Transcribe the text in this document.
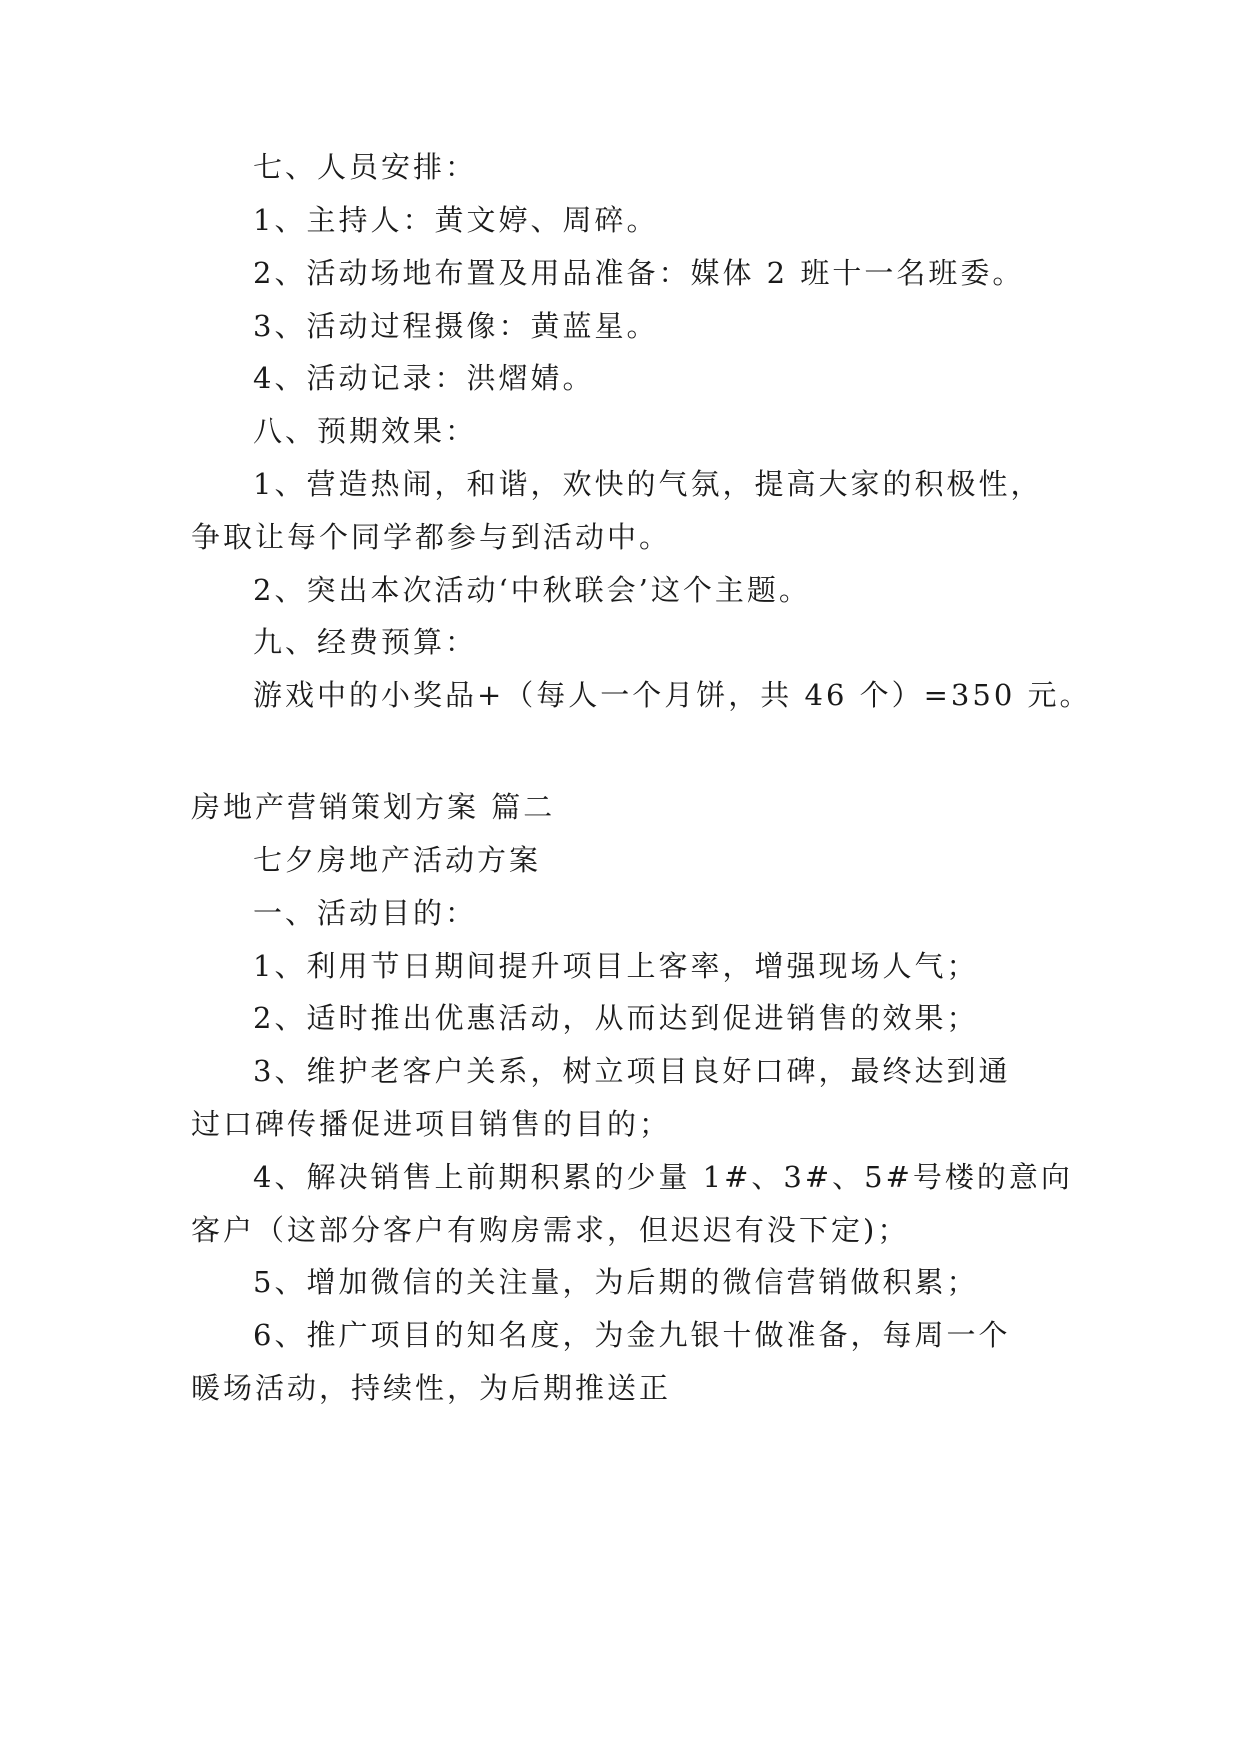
七、人员安排：
1、主持人：黄文婷、周碎。
2、活动场地布置及用品准备：媒体 2 班十一名班委。
3、活动过程摄像：黄蓝星。
4、活动记录：洪熠婧。
八、预期效果：
1、营造热闹，和谐，欢快的气氛，提高大家的积极性，
争取让每个同学都参与到活动中。
2、突出本次活动‘中秋联会’这个主题。
九、经费预算：
游戏中的小奖品+（每人一个月饼，共 46 个）=350 元。
房地产营销策划方案 篇二
七夕房地产活动方案
一、活动目的：
1、利用节日期间提升项目上客率，增强现场人气；
2、适时推出优惠活动，从而达到促进销售的效果；
3、维护老客户关系，树立项目良好口碑，最终达到通
过口碑传播促进项目销售的目的；
4、解决销售上前期积累的少量 1#、3#、5#号楼的意向
客户（这部分客户有购房需求，但迟迟有没下定)；
5、增加微信的关注量，为后期的微信营销做积累；
6、推广项目的知名度，为金九银十做准备，每周一个
暖场活动，持续性，为后期推送正
